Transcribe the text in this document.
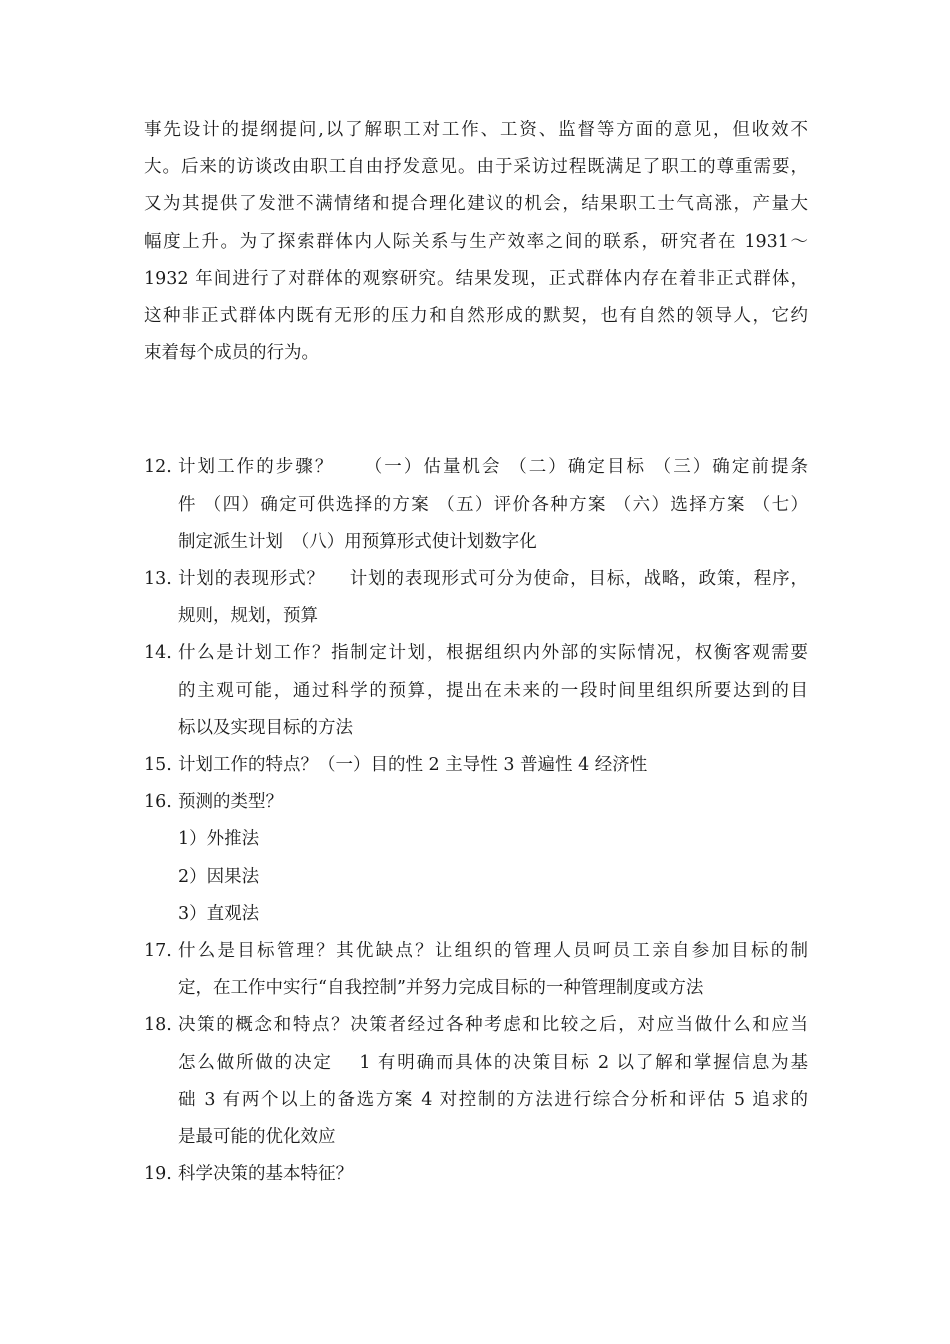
事先设计的提纲提问,以了解职工对工作、工资、监督等方面的意见，但收效不
大。后来的访谈改由职工自由抒发意见。由于采访过程既满足了职工的尊重需要，
又为其提供了发泄不满情绪和提合理化建议的机会，结果职工士气高涨，产量大
幅度上升。为了探索群体内人际关系与生产效率之间的联系，研究者在 1931～
1932 年间进行了对群体的观察研究。结果发现，正式群体内存在着非正式群体，
这种非正式群体内既有无形的压力和自然形成的默契，也有自然的领导人，它约
束着每个成员的行为。

12. 计划工作的步骤？　　（一）估量机会 （二）确定目标 （三）确定前提条
件 （四）确定可供选择的方案 （五）评价各种方案 （六）选择方案 （七）
制定派生计划　（八）用预算形式使计划数字化
13. 计划的表现形式？　 计划的表现形式可分为使命，目标，战略，政策，程序，
规则，规划，预算
14. 什么是计划工作？指制定计划，根据组织内外部的实际情况，权衡客观需要
的主观可能，通过科学的预算，提出在未来的一段时间里组织所要达到的目
标以及实现目标的方法
15. 计划工作的特点？（一）目的性 2 主导性 3 普遍性 4 经济性
16. 预测的类型？
1）外推法
2）因果法
3）直观法
17. 什么是目标管理？其优缺点？让组织的管理人员呵员工亲自参加目标的制
定，在工作中实行“自我控制”并努力完成目标的一种管理制度或方法
18. 决策的概念和特点？决策者经过各种考虑和比较之后，对应当做什么和应当
怎么做所做的决定　 1 有明确而具体的决策目标 2 以了解和掌握信息为基
础 3 有两个以上的备选方案 4 对控制的方法进行综合分析和评估 5 追求的
是最可能的优化效应
19. 科学决策的基本特征？
